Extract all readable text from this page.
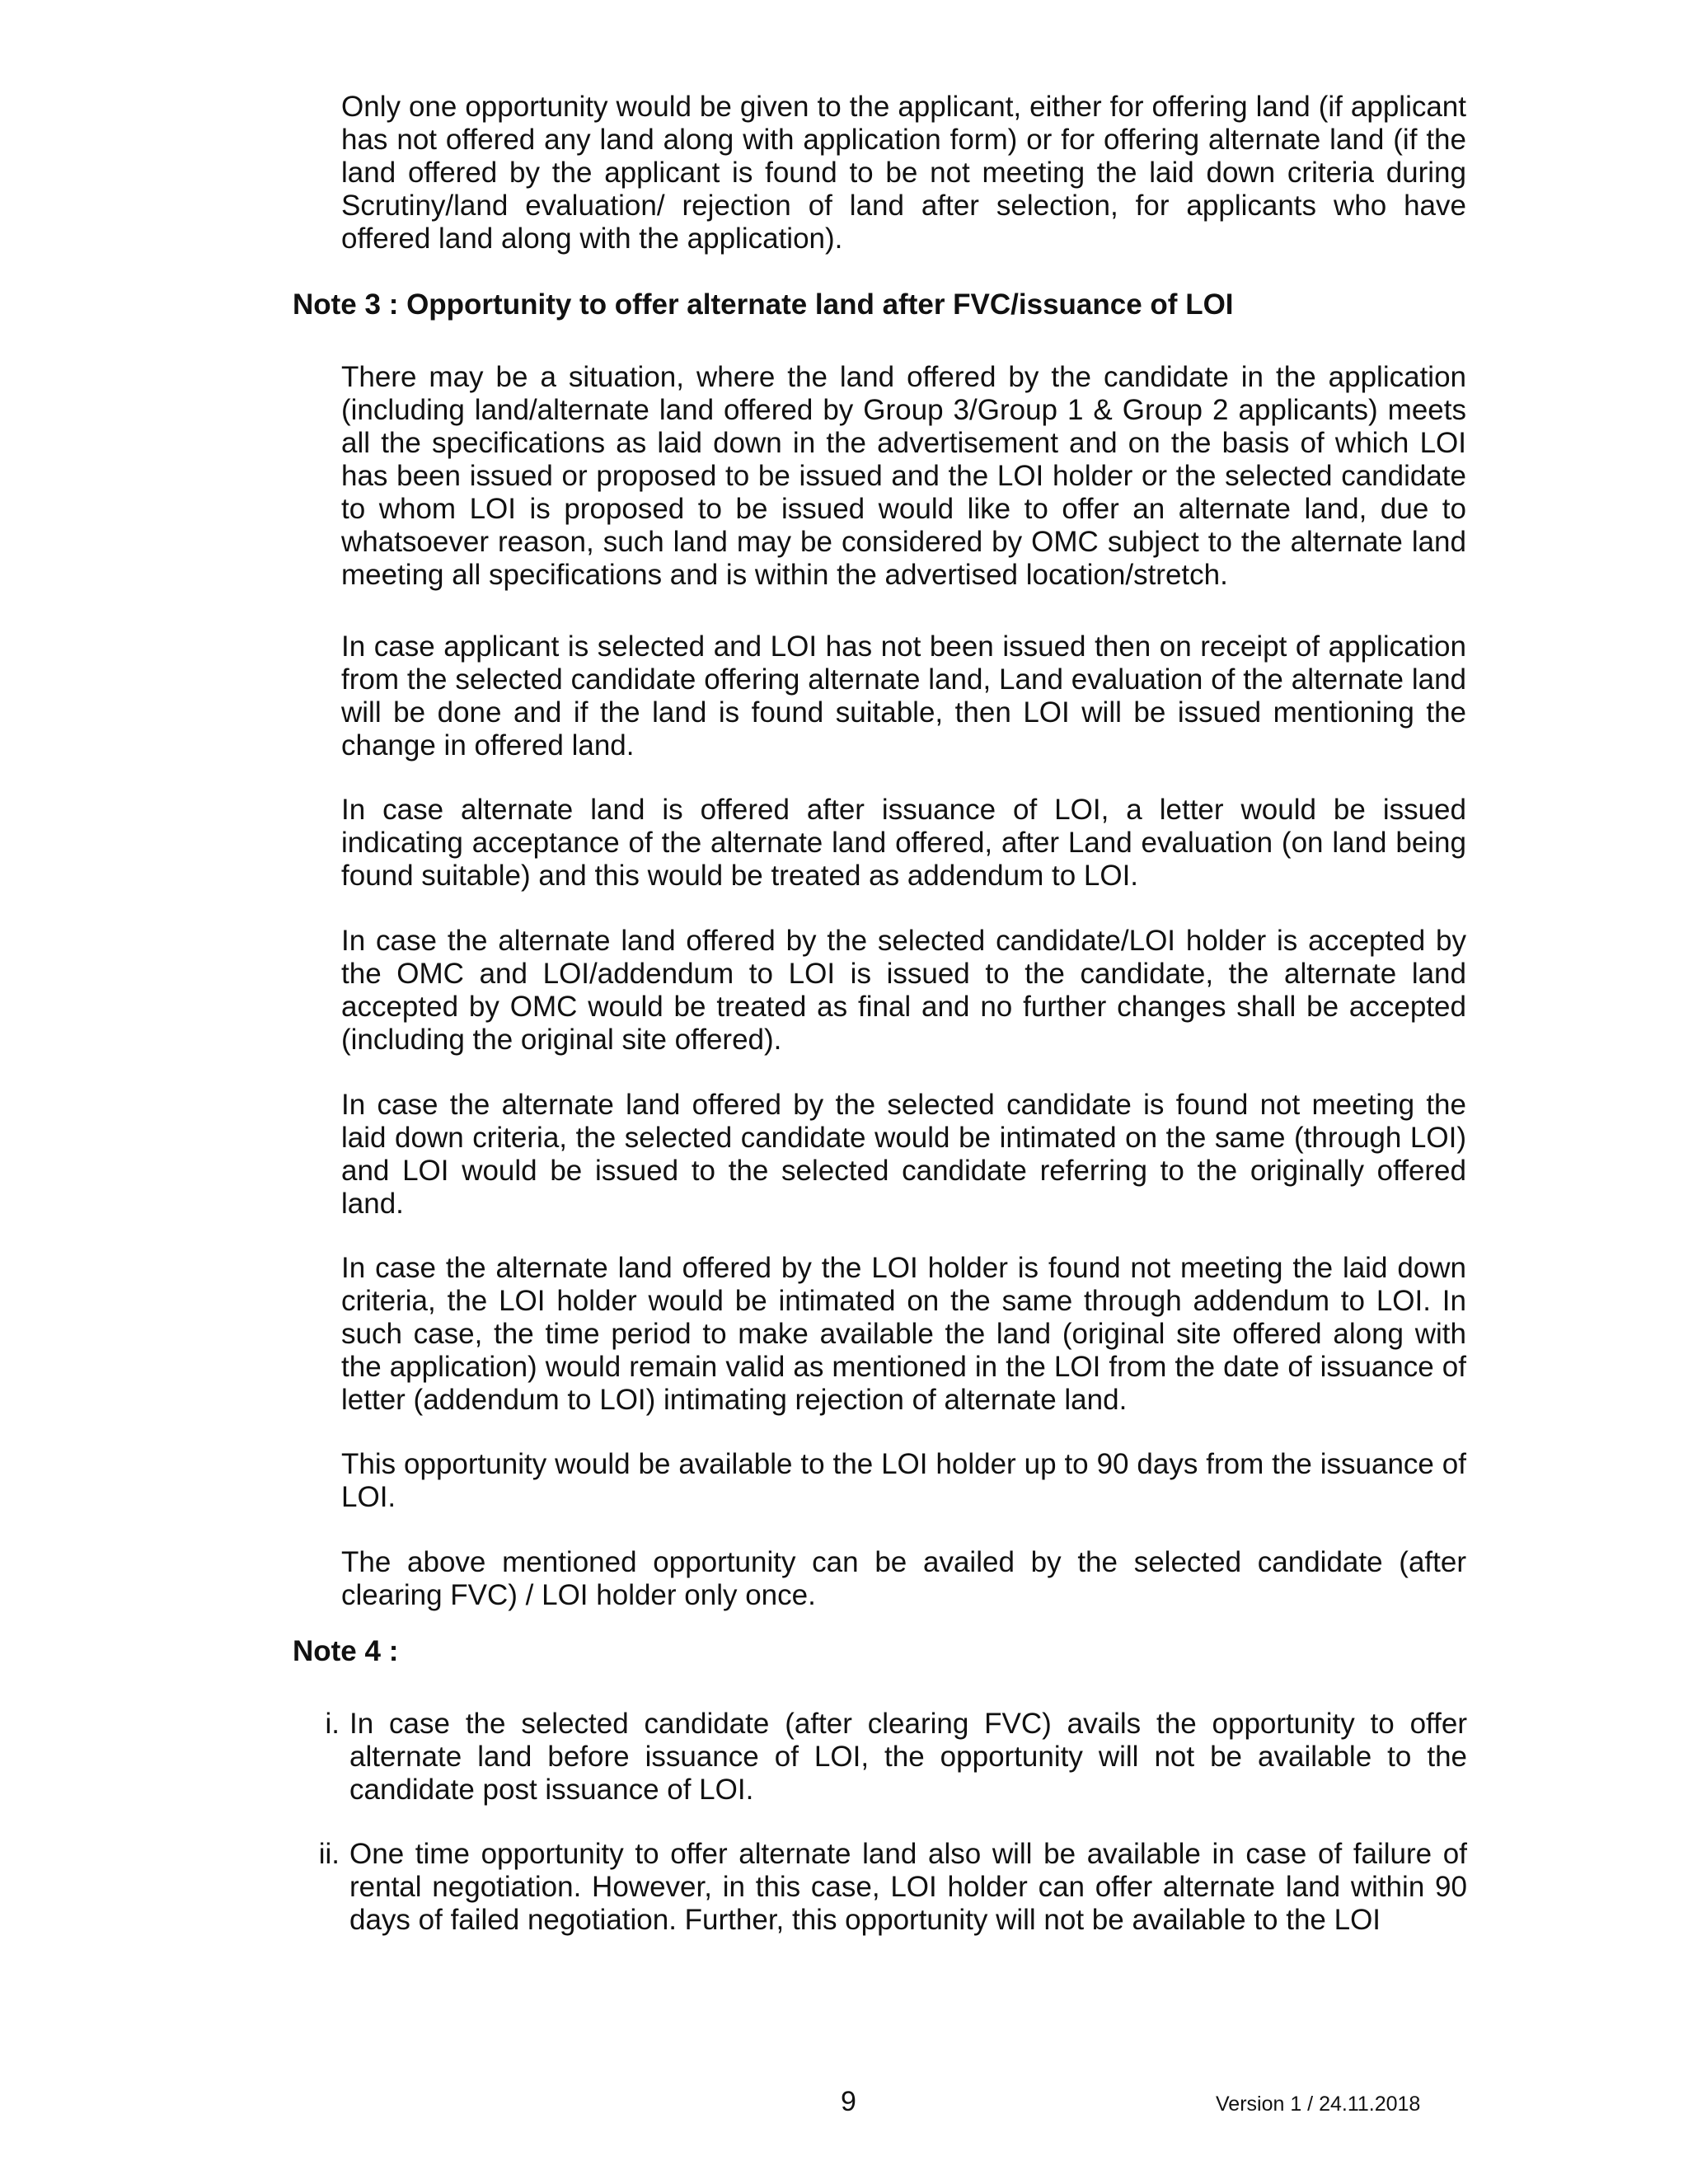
Only one opportunity would be given to the applicant, either for offering land (if applicant has not offered any land along with application form) or for offering alternate land (if the land offered by the applicant is found to be not meeting the laid down criteria during Scrutiny/land evaluation/ rejection of land after selection, for applicants who have offered land along with the application).

Note 3 : Opportunity to offer alternate land after FVC/issuance of LOI

There may be a situation, where the land offered by the candidate in the application (including land/alternate land offered by Group 3/Group 1 & Group 2 applicants) meets all the specifications as laid down in the advertisement and on the basis of which LOI has been issued or proposed to be issued and the LOI holder or the selected candidate to whom LOI is proposed to be issued would like to offer an alternate land, due to whatsoever reason, such land may be considered by OMC subject to the alternate land meeting all specifications and is within the advertised location/stretch.

In case applicant is selected and LOI has not been issued then on receipt of application from the selected candidate offering alternate land, Land evaluation of the alternate land will be done and if the land is found suitable, then LOI will be issued mentioning the change in offered land.

In case alternate land is offered after issuance of LOI, a letter would be issued indicating acceptance of the alternate land offered, after Land evaluation (on land being found suitable) and this would be treated as addendum to LOI.

In case the alternate land offered by the selected candidate/LOI holder is accepted by the OMC and LOI/addendum to LOI is issued to the candidate, the alternate land accepted by OMC would be treated as final and no further changes shall be accepted (including the original site offered).

In case the alternate land offered by the selected candidate is found not meeting the laid down criteria, the selected candidate would be intimated on the same (through LOI) and LOI would be issued to the selected candidate referring to the originally offered land.

In case the alternate land offered by the LOI holder is found not meeting the laid down criteria, the LOI holder would be intimated on the same through addendum to LOI. In such case, the time period to make available the land (original site offered along with the application) would remain valid as mentioned in the LOI from the date of issuance of letter (addendum to LOI) intimating rejection of alternate land.

This opportunity would be available to the LOI holder up to 90 days from the issuance of LOI.

The above mentioned opportunity can be availed by the selected candidate (after clearing FVC) / LOI holder only once.

Note 4 :

i. In case the selected candidate (after clearing FVC) avails the opportunity to offer alternate land before issuance of LOI, the opportunity will not be available to the candidate post issuance of LOI.

ii. One time opportunity to offer alternate land also will be available in case of failure of rental negotiation. However, in this case, LOI holder can offer alternate land within 90 days of failed negotiation. Further, this opportunity will not be available to the LOI

9	Version 1 / 24.11.2018
